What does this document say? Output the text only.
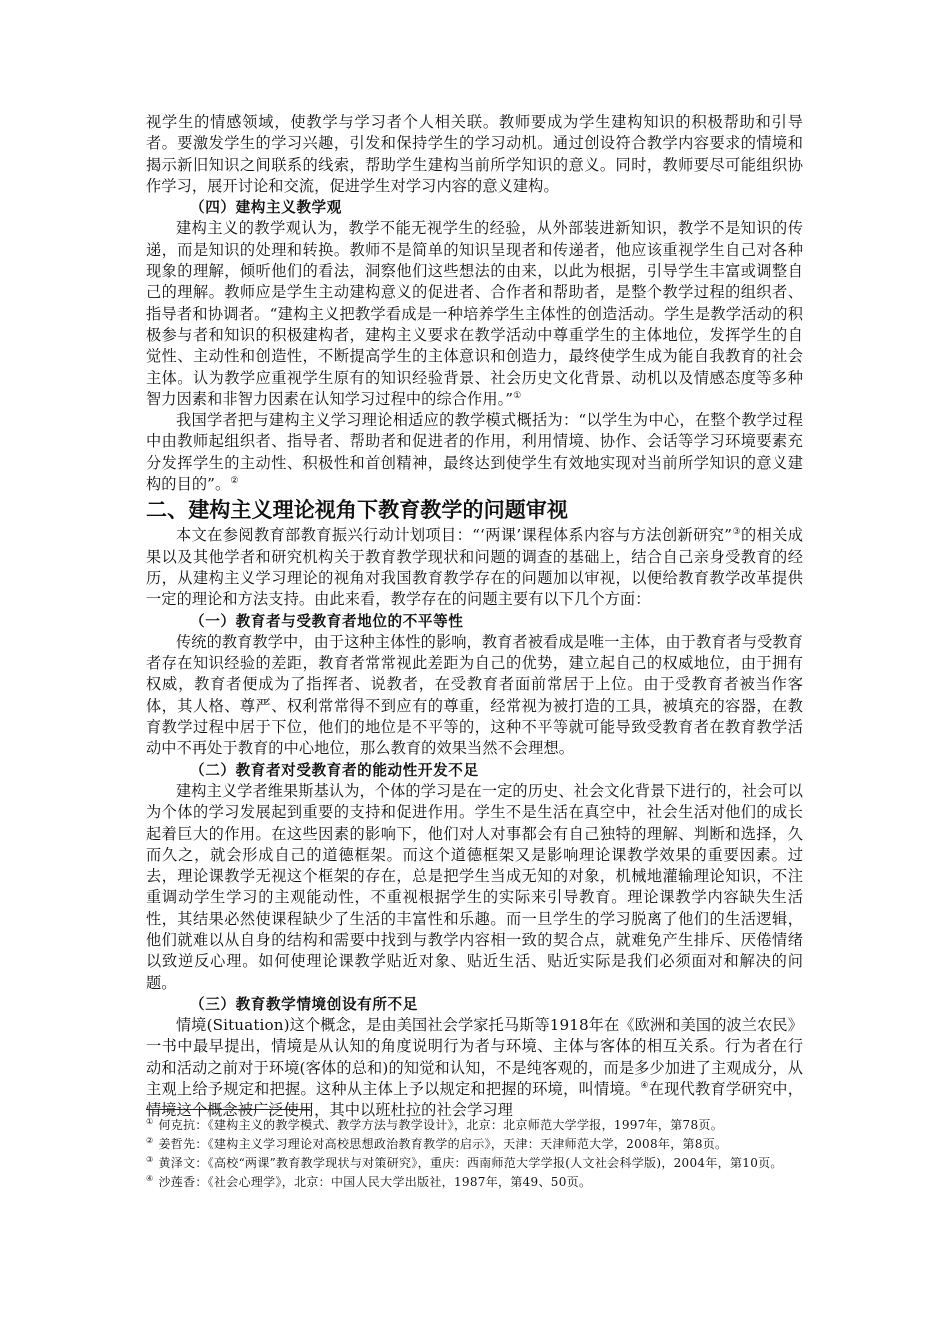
视学生的情感领域，使教学与学习者个人相关联。教师要成为学生建构知识的积极帮助和引导者。要激发学生的学习兴趣，引发和保持学生的学习动机。通过创设符合教学内容要求的情境和揭示新旧知识之间联系的线索，帮助学生建构当前所学知识的意义。同时，教师要尽可能组织协作学习，展开讨论和交流，促进学生对学习内容的意义建构。

（四）建构主义教学观

建构主义的教学观认为，教学不能无视学生的经验，从外部装进新知识，教学不是知识的传递，而是知识的处理和转换。教师不是简单的知识呈现者和传递者，他应该重视学生自己对各种现象的理解，倾听他们的看法，洞察他们这些想法的由来，以此为根据，引导学生丰富或调整自己的理解。教师应是学生主动建构意义的促进者、合作者和帮助者，是整个教学过程的组织者、指导者和协调者。“建构主义把教学看成是一种培养学生主体性的创造活动。学生是教学活动的积极参与者和知识的积极建构者，建构主义要求在教学活动中尊重学生的主体地位，发挥学生的自觉性、主动性和创造性，不断提高学生的主体意识和创造力，最终使学生成为能自我教育的社会主体。认为教学应重视学生原有的知识经验背景、社会历史文化背景、动机以及情感态度等多种智力因素和非智力因素在认知学习过程中的综合作用。”①

我国学者把与建构主义学习理论相适应的教学模式概括为：“以学生为中心，在整个教学过程中由教师起组织者、指导者、帮助者和促进者的作用，利用情境、协作、会话等学习环境要素充分发挥学生的主动性、积极性和首创精神，最终达到使学生有效地实现对当前所学知识的意义建构的目的”。②

二、建构主义理论视角下教育教学的问题审视

本文在参阅教育部教育振兴行动计划项目：“‘两课’课程体系内容与方法创新研究”③的相关成果以及其他学者和研究机构关于教育教学现状和问题的调查的基础上，结合自己亲身受教育的经历，从建构主义学习理论的视角对我国教育教学存在的问题加以审视，以便给教育教学改革提供一定的理论和方法支持。由此来看，教学存在的问题主要有以下几个方面：

（一）教育者与受教育者地位的不平等性

传统的教育教学中，由于这种主体性的影响，教育者被看成是唯一主体，由于教育者与受教育者存在知识经验的差距，教育者常常视此差距为自己的优势，建立起自己的权威地位，由于拥有权威，教育者便成为了指挥者、说教者，在受教育者面前常居于上位。由于受教育者被当作客体，其人格、尊严、权利常常得不到应有的尊重，经常视为被打造的工具，被填充的容器，在教育教学过程中居于下位，他们的地位是不平等的，这种不平等就可能导致受教育者在教育教学活动中不再处于教育的中心地位，那么教育的效果当然不会理想。

（二）教育者对受教育者的能动性开发不足

建构主义学者维果斯基认为，个体的学习是在一定的历史、社会文化背景下进行的，社会可以为个体的学习发展起到重要的支持和促进作用。学生不是生活在真空中，社会生活对他们的成长起着巨大的作用。在这些因素的影响下，他们对人对事都会有自己独特的理解、判断和选择，久而久之，就会形成自己的道德框架。而这个道德框架又是影响理论课教学效果的重要因素。过去，理论课教学无视这个框架的存在，总是把学生当成无知的对象，机械地灌输理论知识，不注重调动学生学习的主观能动性，不重视根据学生的实际来引导教育。理论课教学内容缺失生活性，其结果必然使课程缺少了生活的丰富性和乐趣。而一旦学生的学习脱离了他们的生活逻辑，他们就难以从自身的结构和需要中找到与教学内容相一致的契合点，就难免产生排斥、厌倦情绪以致逆反心理。如何使理论课教学贴近对象、贴近生活、贴近实际是我们必须面对和解决的问题。

（三）教育教学情境创设有所不足

情境(Situation)这个概念，是由美国社会学家托马斯等1918年在《欧洲和美国的波兰农民》一书中最早提出，情境是从认知的角度说明行为者与环境、主体与客体的相互关系。行为者在行动和活动之前对于环境(客体的总和)的知觉和认知，不是纯客观的，而是多少加进了主观成分，从主观上给予规定和把握。这种从主体上予以规定和把握的环境，叫情境。④在现代教育学研究中，情境这个概念被广泛使用，其中以班杜拉的社会学习理

① 何克抗：《建构主义的教学模式、教学方法与教学设计》，北京：北京师范大学学报，1997年，第78页。

② 姜哲先：《建构主义学习理论对高校思想政治教育教学的启示》，天津：天津师范大学，2008年，第8页。

③ 黄泽文：《高校“两课”教育教学现状与对策研究》，重庆：西南师范大学学报(人文社会科学版)，2004年，第10页。

④ 沙莲香：《社会心理学》，北京：中国人民大学出版社，1987年，第49、50页。
